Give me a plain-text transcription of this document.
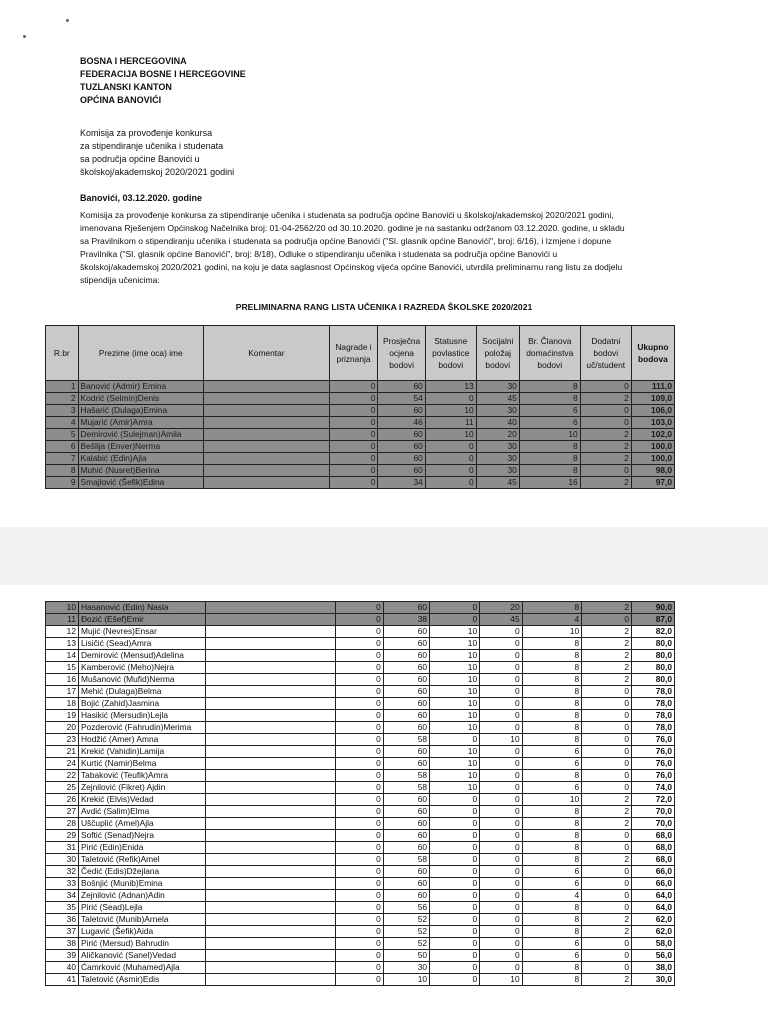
BOSNA I HERCEGOVINA
FEDERACIJA BOSNE I HERCEGOVINE
TUZLANSKI KANTON
OPĆINA BANOVIĆI
Komisija za provođenje konkursa
za stipendiranje učenika i studenata
sa područja općine Banovići u
školskoj/akademskoj 2020/2021 godini
Banovići, 03.12.2020. godine
Komisija za provođenje konkursa za stipendiranje učenika i studenata sa područja općine Banovići u školskoj/akademskoj 2020/2021 godini,
imenovana Rješenjem Općinskog Načelnika broj: 01-04-2562/20 od 30.10.2020. godine je na sastanku održanom 03.12.2020. godine, u skladu
sa Pravilnikom o stipendiranju učenika i studenata sa područja općine Banovići ("Sl. glasnik općine Banovići", broj: 6/16), i Izmjene i dopune
Pravilnika ("Sl. glasnik općine Banovići", broj: 8/18), Odluke o stipendiranju učenika i studenata sa područja općine Banovići u
školskoj/akademskoj 2020/2021 godini, na koju je data saglasnost Općinskog vijeća općine Banovići, utvrdila preliminarnu rang listu za dodjelu
stipendija učenicima:
PRELIMINARNA RANG LISTA UČENIKA I RAZREDA ŠKOLSKE 2020/2021
R.br	Prezime (ime oca) ime	Komentar	Nagrade i priznanja	Prosječna ocjena bodovi	Statusne povlastice bodovi	Socijalni položaj bodovi	Br. Članova domaćinstva bodovi	Dodatni bodovi uč/student	Ukupno bodova
1	Banović (Admir) Emina		0	60	13	30	8	0	111,0
2	Kodrić (Selmin)Denis		0	54	0	45	8	2	109,0
3	Hašarić (Dulaga)Emina		0	60	10	30	6	0	106,0
4	Mujarić (Amir)Amra		0	46	11	40	6	0	103,0
5	Demirović (Sulejman)Amila		0	60	10	20	10	2	102,0
6	Bešlija (Enver)Nerma		0	60	0	30	8	2	100,0
7	Kalabić (Edin)Ajla		0	60	0	30	8	2	100,0
8	Muhić (Nusret)Berina		0	60	0	30	8	0	98,0
9	Smajlović (Šefik)Edina		0	34	0	45	16	2	97,0
10	Hasanović (Edin) Nasla		0	60	0	20	8	2	90,0
11	Đozić (Ešef)Emir		0	38	0	45	4	0	87,0
12	Mujić (Nevres)Ensar		0	60	10	0	10	2	82,0
13	Lisičić (Sead)Amra		0	60	10	0	8	2	80,0
14	Demirović (Mensud)Adelina		0	60	10	0	8	2	80,0
15	Kamberović (Meho)Nejra		0	60	10	0	8	2	80,0
16	Mušanović (Mufid)Nerma		0	60	10	0	8	2	80,0
17	Mehić (Dulaga)Belma		0	60	10	0	8	0	78,0
18	Bojić (Zahid)Jasmina		0	60	10	0	8	0	78,0
19	Hasikić (Mersudin)Lejla		0	60	10	0	8	0	78,0
20	Pozderović (Fahrudin)Merima		0	60	10	0	8	0	78,0
23	Hodžić (Amer) Amna		0	58	0	10	8	0	76,0
21	Krekić (Vahidin)Lamija		0	60	10	0	6	0	76,0
24	Kurtić (Namir)Belma		0	60	10	0	6	0	76,0
22	Tabaković (Teufik)Amra		0	58	10	0	8	0	76,0
25	Zejnilović (Fikret) Ajdin		0	58	10	0	6	0	74,0
26	Krekić (Elvis)Vedad		0	60	0	0	10	2	72,0
27	Avdić (Salim)Elma		0	60	0	0	8	2	70,0
28	Uščuplić (Amel)Ajla		0	60	0	0	8	2	70,0
29	Softić (Senad)Nejra		0	60	0	0	8	0	68,0
31	Pirić (Edin)Enida		0	60	0	0	8	0	68,0
30	Taletović (Refik)Amel		0	58	0	0	8	2	68,0
32	Čedić (Edis)Džejlana		0	60	0	0	6	0	66,0
33	Bošnjić (Munib)Emina		0	60	0	0	6	0	66,0
34	Zejnilović (Adnan)Adin		0	60	0	0	4	0	64,0
35	Pirić (Sead)Lejla		0	56	0	0	8	0	64,0
36	Taletović (Munib)Arnela		0	52	0	0	8	2	62,0
37	Lugavić (Šefik)Aida		0	52	0	0	8	2	62,0
38	Pirić (Mersud) Bahrudin		0	52	0	0	6	0	58,0
39	Aličkanović (Sanel)Vedad		0	50	0	0	6	0	56,0
40	Ćamrković (Muhamed)Ajla		0	30	0	0	8	0	38,0
41	Taletović (Asmir)Edis		0	10	0	10	8	2	30,0
